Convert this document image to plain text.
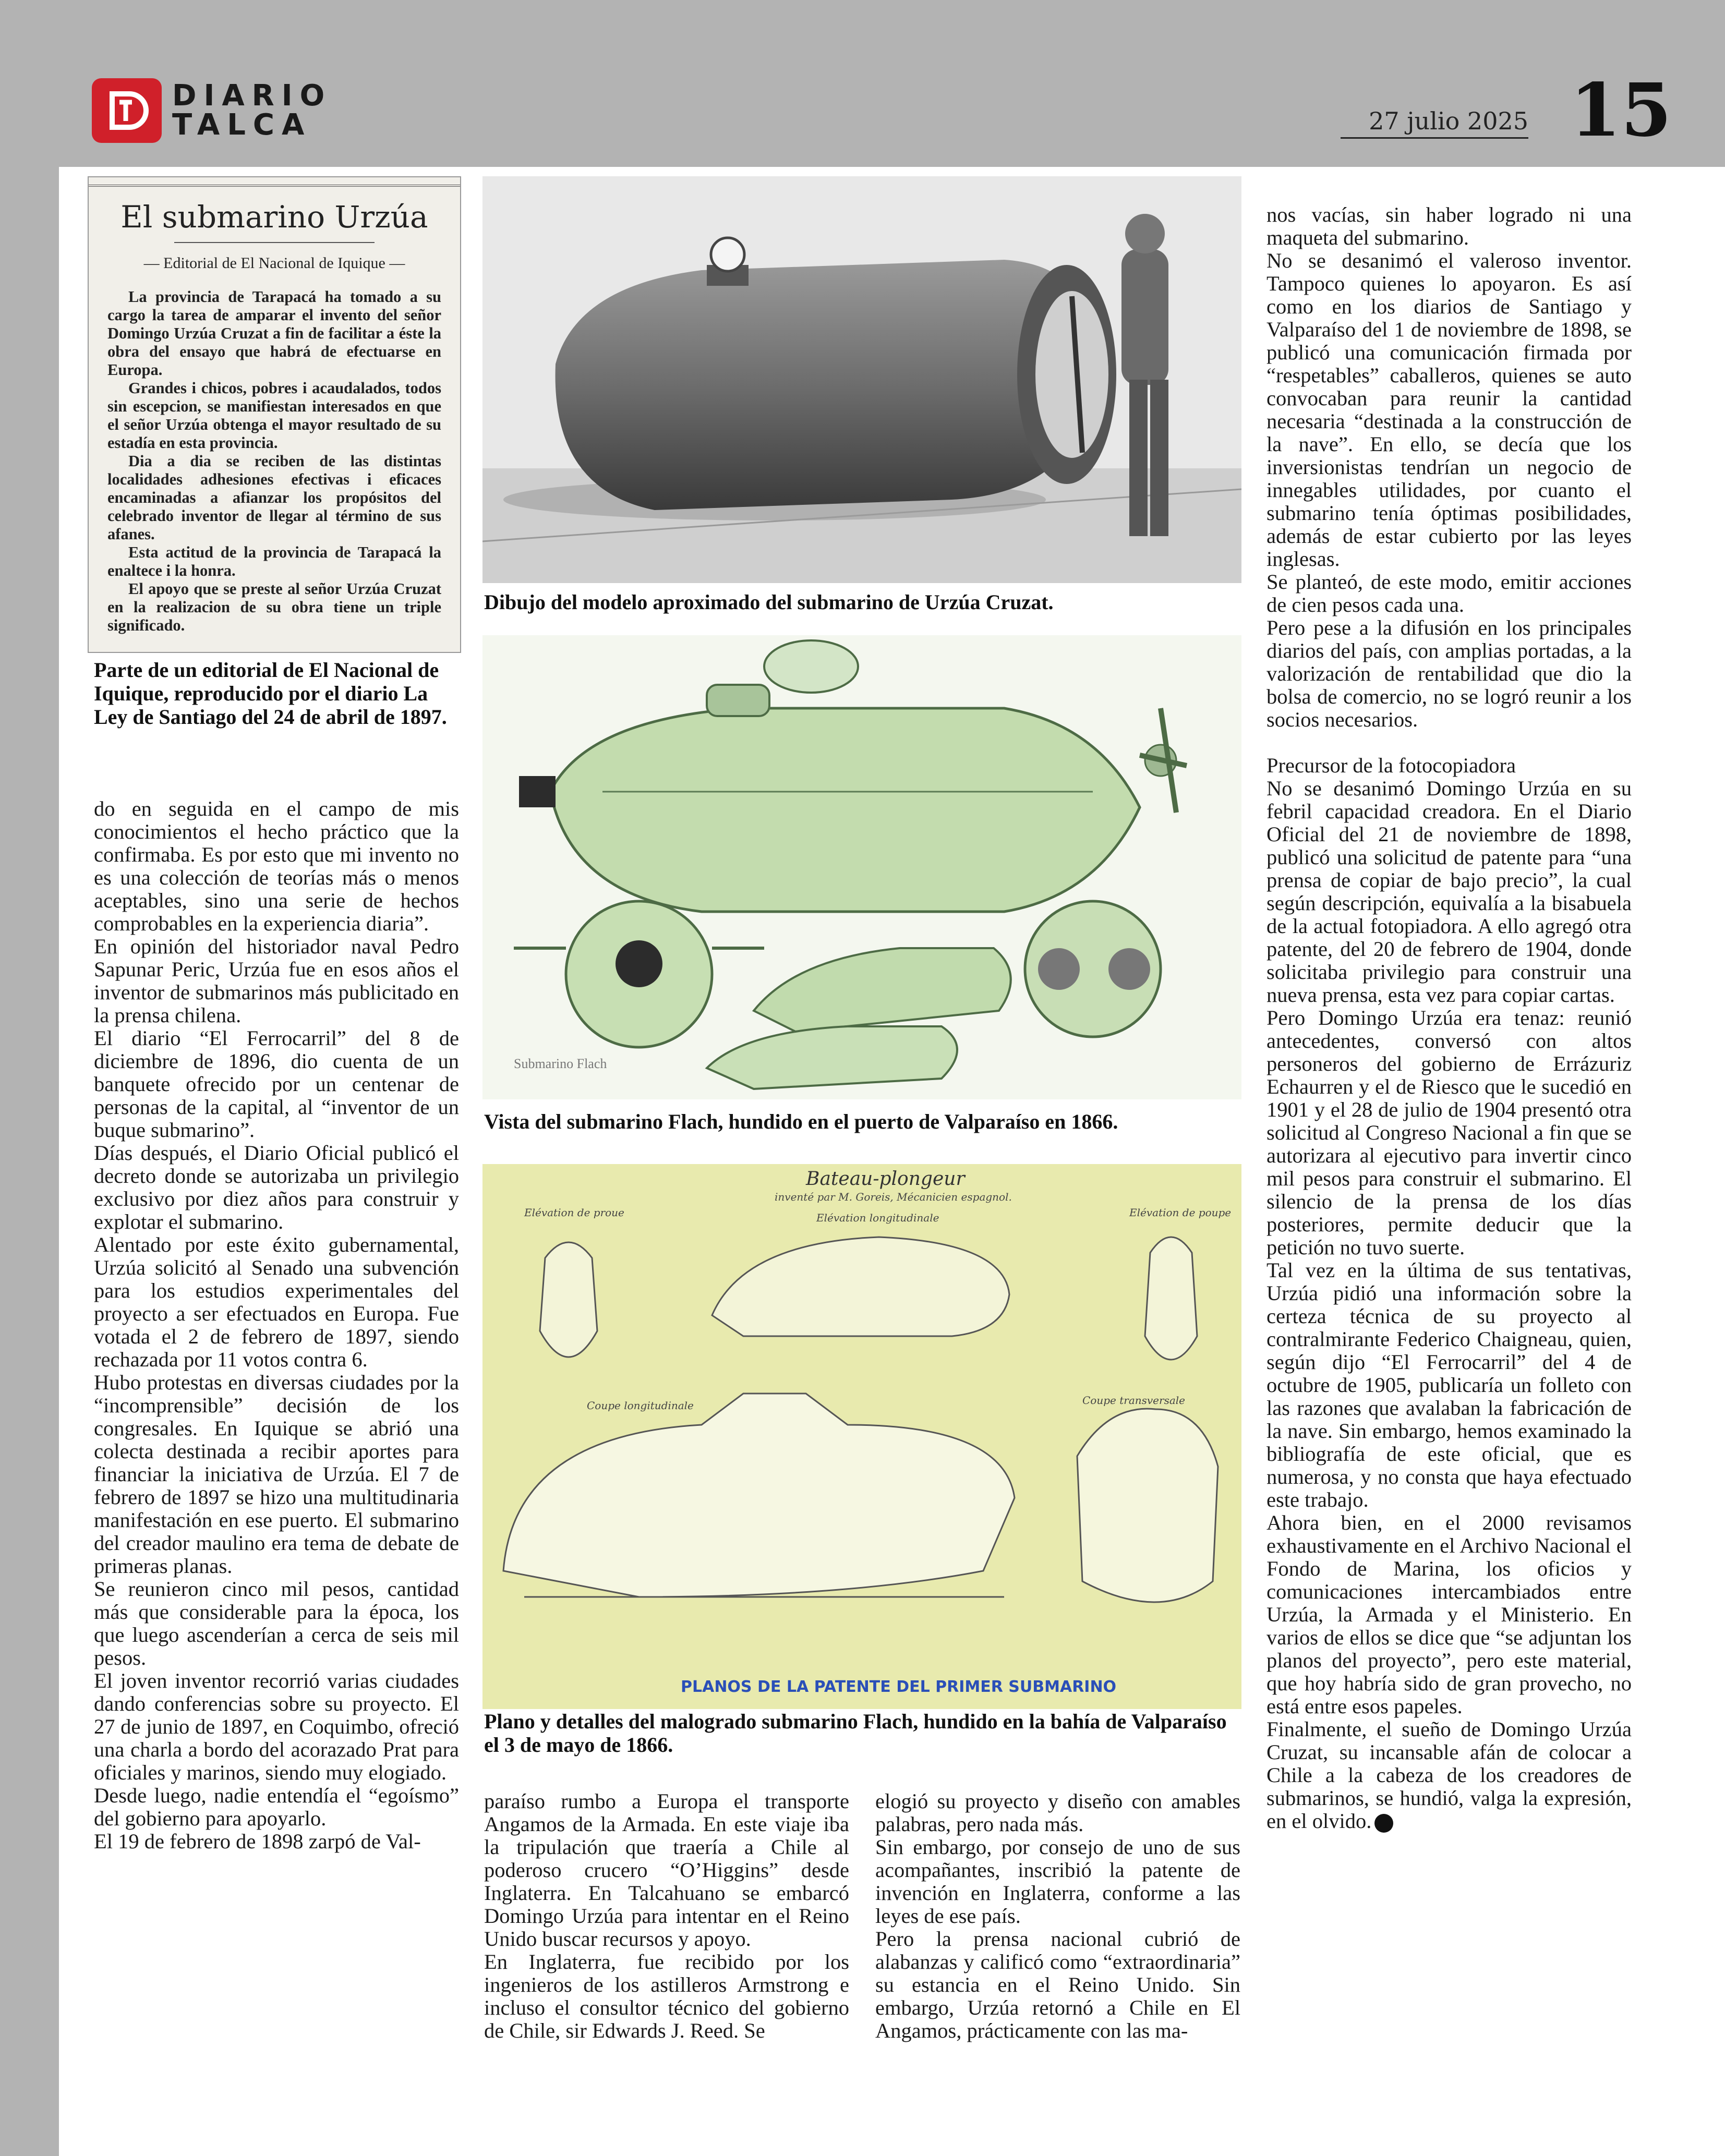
DIARIO
TALCA	27 julio 2025 15
El submarino Urzúa
— Editorial de El Nacional de Iquique —

La provincia de Tarapacá ha tomado a su cargo la tarea de amparar el invento del señor Domingo Urzúa Cruzat a fin de facilitar a éste la obra del ensayo que habrá de efectuarse en Europa.

Grandes i chicos, pobres i acaudalados, todos sin escepcion, se manifiestan interesados en que el señor Urzúa obtenga el mayor resultado de su estadía en esta provincia.

Dia a dia se reciben de las distintas localidades adhesiones efectivas i eficaces encaminadas a afianzar los propósitos del celebrado inventor de llegar al término de sus afanes.

Esta actitud de la provincia de Tarapacá la enaltece i la honra.

El apoyo que se preste al señor Urzúa Cruzat en la realizacion de su obra tiene un triple significado.

Parte de un editorial de El Nacional de Iquique, reproducido por el diario La Ley de Santiago del 24 de abril de 1897.
Dibujo del modelo aproximado del submarino de Urzúa Cruzat.
Submarino Flach
Vista del submarino Flach, hundido en el puerto de Valparaíso en 1866.
Bateau-plongeur
inventé par M. Goreis, Mécanicien espagnol.
Elévation de proue	Elévation longitudinale	Elévation de poupe
Coupe longitudinale	Coupe transversale
PLANOS DE LA PATENTE DEL PRIMER SUBMARINO
Plano y detalles del malogrado submarino Flach, hundido en la bahía de Valparaíso el 3 de mayo de 1866.

do en seguida en el campo de mis conocimientos el hecho práctico que la confirmaba. Es por esto que mi invento no es una colección de teorías más o menos aceptables, sino una serie de hechos comprobables en la experiencia diaria”.

En opinión del historiador naval Pedro Sapunar Peric, Urzúa fue en esos años el inventor de submarinos más publicitado en la prensa chilena.

El diario “El Ferrocarril” del 8 de diciembre de 1896, dio cuenta de un banquete ofrecido por un centenar de personas de la capital, al “inventor de un buque submarino”.

Días después, el Diario Oficial publicó el decreto donde se autorizaba un privilegio exclusivo por diez años para construir y explotar el submarino.

Alentado por este éxito gubernamental, Urzúa solicitó al Senado una subvención para los estudios experimentales del proyecto a ser efectuados en Europa. Fue votada el 2 de febrero de 1897, siendo rechazada por 11 votos contra 6.

Hubo protestas en diversas ciudades por la “incomprensible” decisión de los congresales. En Iquique se abrió una colecta destinada a recibir aportes para financiar la iniciativa de Urzúa. El 7 de febrero de 1897 se hizo una multitudinaria manifestación en ese puerto. El submarino del creador maulino era tema de debate de primeras planas.

Se reunieron cinco mil pesos, cantidad más que considerable para la época, los que luego ascenderían a cerca de seis mil pesos.

El joven inventor recorrió varias ciudades dando conferencias sobre su proyecto. El 27 de junio de 1897, en Coquimbo, ofreció una charla a bordo del acorazado Prat para oficiales y marinos, siendo muy elogiado.

Desde luego, nadie entendía el “egoísmo” del gobierno para apoyarlo.

El 19 de febrero de 1898 zarpó de Val-

paraíso rumbo a Europa el transporte Angamos de la Armada. En este viaje iba la tripulación que traería a Chile al poderoso crucero “O’Higgins” desde Inglaterra. En Talcahuano se embarcó Domingo Urzúa para intentar en el Reino Unido buscar recursos y apoyo.

En Inglaterra, fue recibido por los ingenieros de los astilleros Armstrong e incluso el consultor técnico del gobierno de Chile, sir Edwards J. Reed. Se

elogió su proyecto y diseño con amables palabras, pero nada más.

Sin embargo, por consejo de uno de sus acompañantes, inscribió la patente de invención en Inglaterra, conforme a las leyes de ese país.

Pero la prensa nacional cubrió de alabanzas y calificó como “extraordinaria” su estancia en el Reino Unido. Sin embargo, Urzúa retornó a Chile en El Angamos, prácticamente con las ma-

nos vacías, sin haber logrado ni una maqueta del submarino.

No se desanimó el valeroso inventor. Tampoco quienes lo apoyaron. Es así como en los diarios de Santiago y Valparaíso del 1 de noviembre de 1898, se publicó una comunicación firmada por “respetables” caballeros, quienes se auto convocaban para reunir la cantidad necesaria “destinada a la construcción de la nave”. En ello, se decía que los inversionistas tendrían un negocio de innegables utilidades, por cuanto el submarino tenía óptimas posibilidades, además de estar cubierto por las leyes inglesas.

Se planteó, de este modo, emitir acciones de cien pesos cada una.

Pero pese a la difusión en los principales diarios del país, con amplias portadas, a la valorización de rentabilidad que dio la bolsa de comercio, no se logró reunir a los socios necesarios.

Precursor de la fotocopiadora

No se desanimó Domingo Urzúa en su febril capacidad creadora. En el Diario Oficial del 21 de noviembre de 1898, publicó una solicitud de patente para “una prensa de copiar de bajo precio”, la cual según descripción, equivalía a la bisabuela de la actual fotopiadora. A ello agregó otra patente, del 20 de febrero de 1904, donde solicitaba privilegio para construir una nueva prensa, esta vez para copiar cartas.

Pero Domingo Urzúa era tenaz: reunió antecedentes, conversó con altos personeros del gobierno de Errázuriz Echaurren y el de Riesco que le sucedió en 1901 y el 28 de julio de 1904 presentó otra solicitud al Congreso Nacional a fin que se autorizara al ejecutivo para invertir cinco mil pesos para construir el submarino. El silencio de la prensa de los días posteriores, permite deducir que la petición no tuvo suerte.

Tal vez en la última de sus tentativas, Urzúa pidió una información sobre la certeza técnica de su proyecto al contralmirante Federico Chaigneau, quien, según dijo “El Ferrocarril” del 4 de octubre de 1905, publicaría un folleto con las razones que avalaban la fabricación de la nave. Sin embargo, hemos examinado la bibliografía de este oficial, que es numerosa, y no consta que haya efectuado este trabajo.

Ahora bien, en el 2000 revisamos exhaustivamente en el Archivo Nacional el Fondo de Marina, los oficios y comunicaciones intercambiados entre Urzúa, la Armada y el Ministerio. En varios de ellos se dice que “se adjuntan los planos del proyecto”, pero este material, que hoy habría sido de gran provecho, no está entre esos papeles.

Finalmente, el sueño de Domingo Urzúa Cruzat, su incansable afán de colocar a Chile a la cabeza de los creadores de submarinos, se hundió, valga la expresión, en el olvido.
